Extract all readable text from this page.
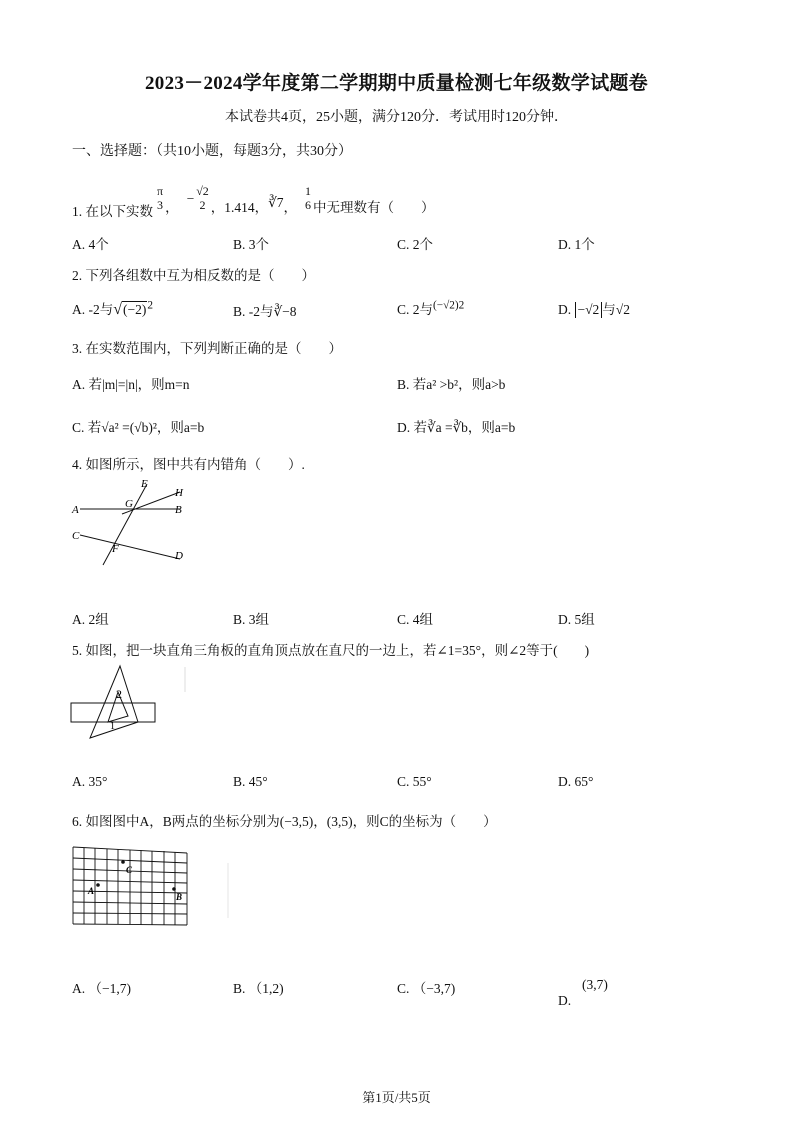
2023－2024学年度第二学期期中质量检测七年级数学试题卷
本试卷共4页，25小题，满分120分．考试用时120分钟．
一、选择题：（共10小题，每题3分，共30分）
1. 在以下实数
π
3 ，
− √2
2 ，1.414， ∛7 ，
1
6 中无理数有（　　）
A. 4个	B. 3个	C. 2个	D. 1个
2. 下列各组数中互为相反数的是（　　）
A. -2与$√(-2)^2$	B. -2与∛−8	C. 2与$^{(-√2)2}$	D. −√2 与√2
3. 在实数范围内，下列判断正确的是（　　）
A. 若|m|=|n|，则m=n	B. 若a² >b²，则a>b
C. 若√a² =(√b)²，则a=b	D. 若∛a =∛b，则a=b
4. 如图所示，图中共有内错角（　　）.
E
H
A	G	B
C
F
D
A. 2组	B. 3组	C. 4组	D. 5组
5. 如图，把一块直角三角板的直角顶点放在直尺的一边上，若∠1=35°，则∠2等于(　　)
2
1
A. 35°	B. 45°	C. 55°	D. 65°
6. 如图图中A，B两点的坐标分别为(−3,5)，(3,5)，则C的坐标为（　　）
C
A
B
A. （−1,7)	B. （1,2)	C. （−3,7)
D.
(3,7)
第1页/共5页
